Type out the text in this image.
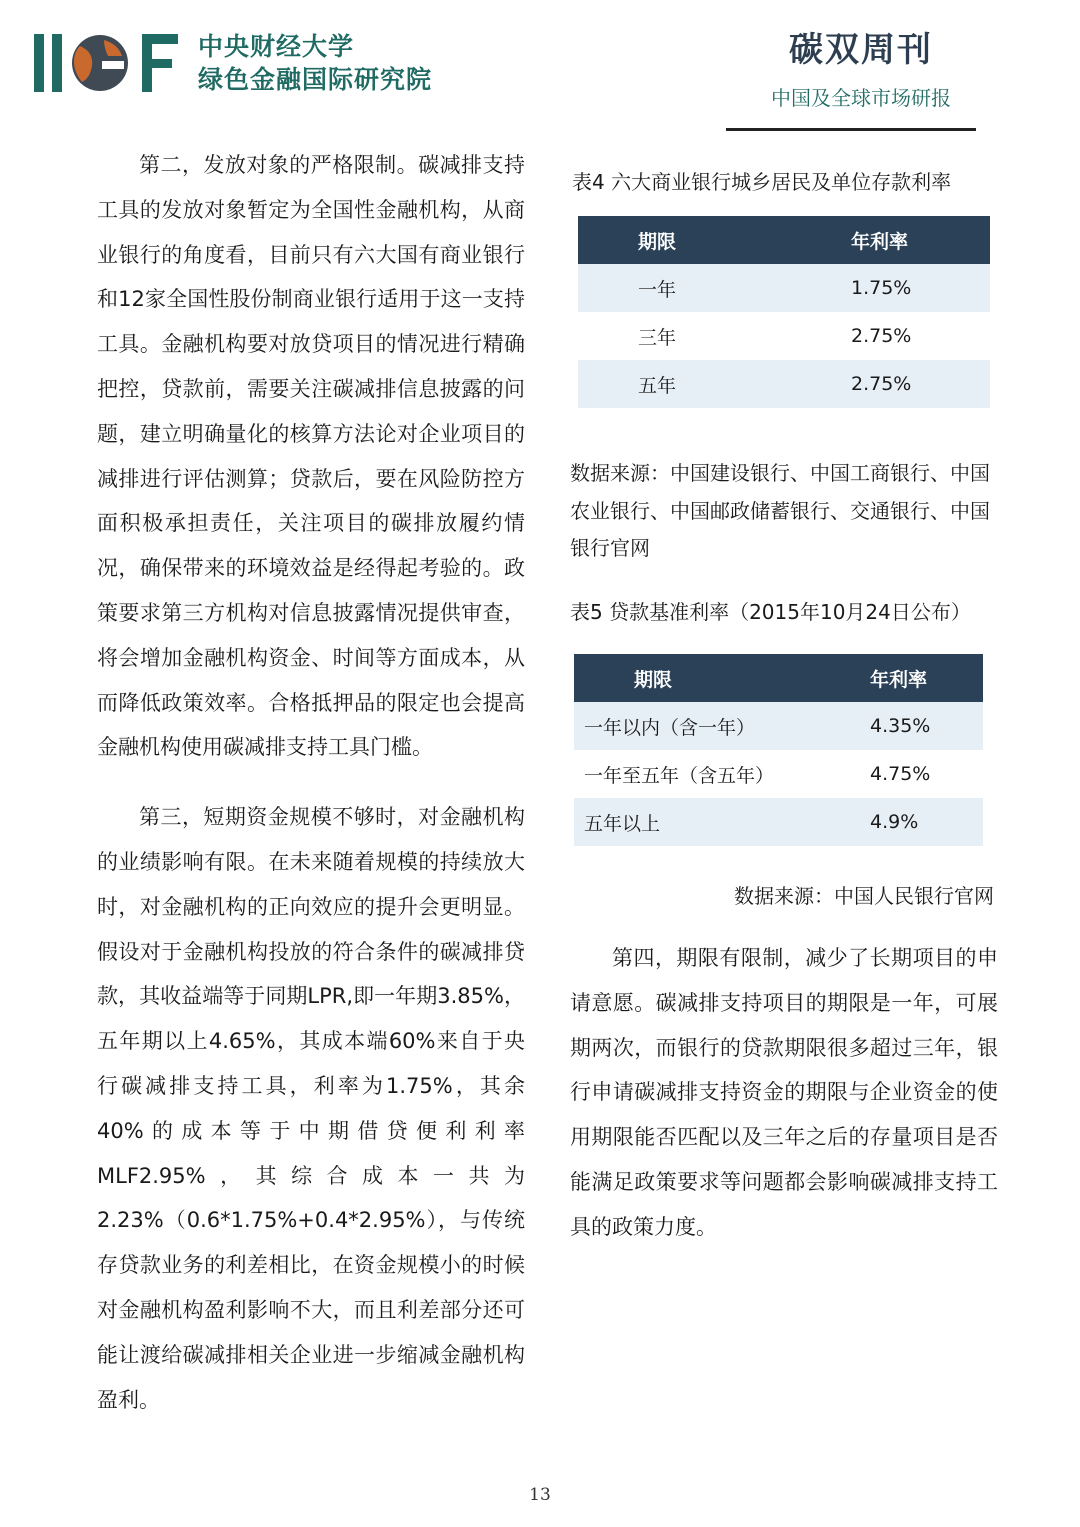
IIGF	中央财经大学
绿色金融国际研究院
碳双周刊
中国及全球市场研报

第二，发放对象的严格限制。碳减排支持工具的发放对象暂定为全国性金融机构，从商业银行的角度看，目前只有六大国有商业银行和12家全国性股份制商业银行适用于这一支持工具。金融机构要对放贷项目的情况进行精确把控，贷款前，需要关注碳减排信息披露的问题，建立明确量化的核算方法论对企业项目的减排进行评估测算；贷款后，要在风险防控方面积极承担责任，关注项目的碳排放履约情况，确保带来的环境效益是经得起考验的。政策要求第三方机构对信息披露情况提供审查，将会增加金融机构资金、时间等方面成本，从而降低政策效率。合格抵押品的限定也会提高金融机构使用碳减排支持工具门槛。

第三，短期资金规模不够时，对金融机构的业绩影响有限。在未来随着规模的持续放大时，对金融机构的正向效应的提升会更明显。假设对于金融机构投放的符合条件的碳减排贷款，其收益端等于同期LPR,即一年期3.85%，五年期以上4.65%，其成本端60%来自于央行碳减排支持工具，利率为1.75%，其余40%的成本等于中期借贷便利利率MLF2.95%，其综合成本一共为2.23%（0.6*1.75%+0.4*2.95%），与传统存贷款业务的利差相比，在资金规模小的时候对金融机构盈利影响不大，而且利差部分还可能让渡给碳减排相关企业进一步缩减金融机构盈利。

表4 六大商业银行城乡居民及单位存款利率
期限	年利率
一年	1.75%
三年	2.75%
五年	2.75%
数据来源：中国建设银行、中国工商银行、中国农业银行、中国邮政储蓄银行、交通银行、中国银行官网
表5 贷款基准利率（2015年10月24日公布）
期限	年利率
一年以内（含一年）	4.35%
一年至五年（含五年）	4.75%
五年以上	4.9%
数据来源：中国人民银行官网

第四，期限有限制，减少了长期项目的申请意愿。碳减排支持项目的期限是一年，可展期两次，而银行的贷款期限很多超过三年，银行申请碳减排支持资金的期限与企业资金的使用期限能否匹配以及三年之后的存量项目是否能满足政策要求等问题都会影响碳减排支持工具的政策力度。

13
